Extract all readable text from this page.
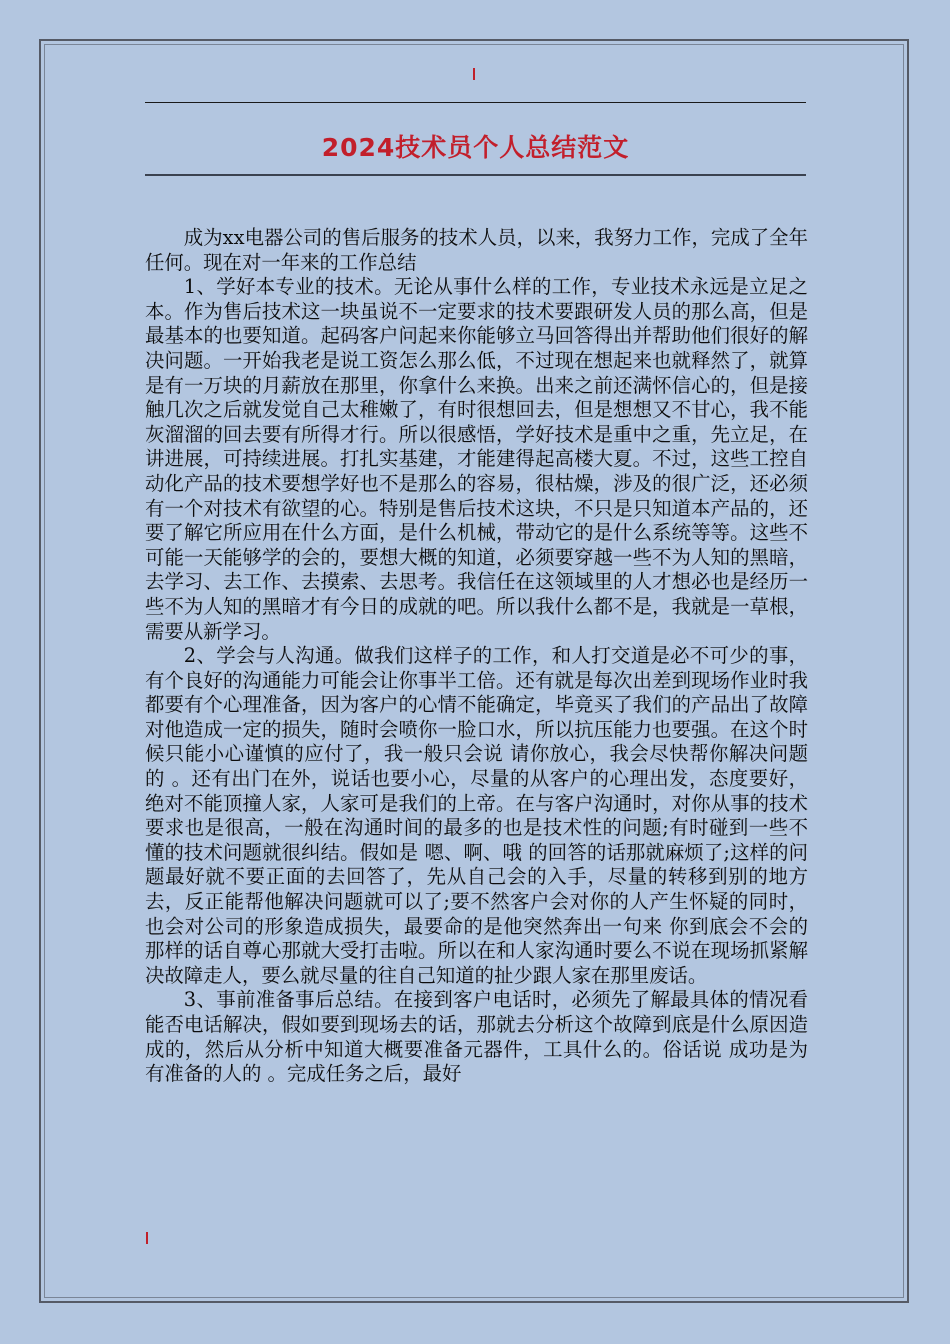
2024技术员个人总结范文

成为xx电器公司的售后服务的技术人员，以来，我努力工作，完成了全年任何。现在对一年来的工作总结

1、学好本专业的技术。无论从事什么样的工作，专业技术永远是立足之本。作为售后技术这一块虽说不一定要求的技术要跟研发人员的那么高，但是最基本的也要知道。起码客户问起来你能够立马回答得出并帮助他们很好的解决问题。一开始我老是说工资怎么那么低，不过现在想起来也就释然了，就算是有一万块的月薪放在那里，你拿什么来换。出来之前还满怀信心的，但是接触几次之后就发觉自己太稚嫩了，有时很想回去，但是想想又不甘心，我不能灰溜溜的回去要有所得才行。所以很感悟，学好技术是重中之重，先立足，在讲进展，可持续进展。打扎实基建，才能建得起高楼大夏。不过，这些工控自动化产品的技术要想学好也不是那么的容易，很枯燥，涉及的很广泛，还必须有一个对技术有欲望的心。特别是售后技术这块，不只是只知道本产品的，还要了解它所应用在什么方面，是什么机械，带动它的是什么系统等等。这些不可能一天能够学的会的，要想大概的知道，必须要穿越一些不为人知的黑暗，去学习、去工作、去摸索、去思考。我信任在这领域里的人才想必也是经历一些不为人知的黑暗才有今日的成就的吧。所以我什么都不是，我就是一草根，需要从新学习。

2、学会与人沟通。做我们这样子的工作，和人打交道是必不可少的事，有个良好的沟通能力可能会让你事半工倍。还有就是每次出差到现场作业时我都要有个心理准备，因为客户的心情不能确定，毕竟买了我们的产品出了故障对他造成一定的损失，随时会喷你一脸口水，所以抗压能力也要强。在这个时候只能小心谨慎的应付了，我一般只会说 请你放心，我会尽快帮你解决问题的 。还有出门在外，说话也要小心，尽量的从客户的心理出发，态度要好，绝对不能顶撞人家，人家可是我们的上帝。在与客户沟通时，对你从事的技术要求也是很高，一般在沟通时间的最多的也是技术性的问题;有时碰到一些不懂的技术问题就很纠结。假如是 嗯、啊、哦 的回答的话那就麻烦了;这样的问题最好就不要正面的去回答了，先从自己会的入手，尽量的转移到别的地方去，反正能帮他解决问题就可以了;要不然客户会对你的人产生怀疑的同时，也会对公司的形象造成损失，最要命的是他突然奔出一句来 你到底会不会的 那样的话自尊心那就大受打击啦。所以在和人家沟通时要么不说在现场抓紧解决故障走人，要么就尽量的往自己知道的扯少跟人家在那里废话。

3、事前准备事后总结。在接到客户电话时，必须先了解最具体的情况看能否电话解决，假如要到现场去的话，那就去分析这个故障到底是什么原因造成的，然后从分析中知道大概要准备元器件，工具什么的。俗话说 成功是为有准备的人的 。完成任务之后，最好
